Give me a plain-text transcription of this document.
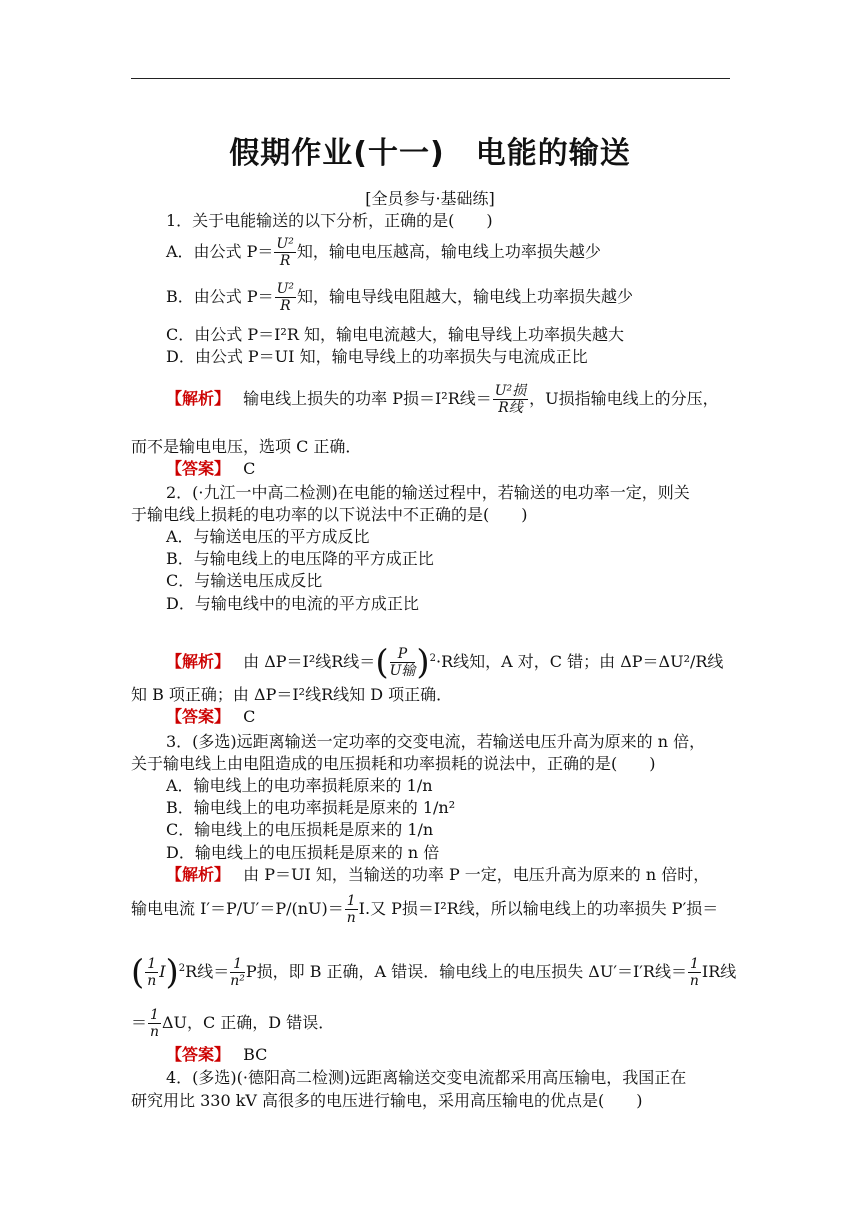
假期作业(十一)　电能的输送
[全员参与·基础练]
1．关于电能输送的以下分析，正确的是(　　)
A．由公式 $P= \frac{\text{U²}}{R}$ 知，输电电压越高，输电线上功率损失越少
B．由公式 $P= \frac{\text{U²}}{R}$ 知，输电导线电阻越大，输电线上功率损失越少
C．由公式 P＝I²R 知，输电电流越大，输电导线上功率损失越大
D．由公式 P＝UI 知，输电导线上的功率损失与电流成正比
【解析】　 输电线上损失的功率 P损＝I²R线＝ $\frac{\text{U²损}}{\text{R线}}$ ，U损指输电线上的分压，
而不是输电电压，选项 C 正确．
【答案】　 C
2．(·九江一中高二检测)在电能的输送过程中，若输送的电功率一定，则关
于输电线上损耗的电功率的以下说法中不正确的是(　　)
A．与输送电压的平方成反比
B．与输电线上的电压降的平方成正比
C．与输送电压成反比
D．与输电线中的电流的平方成正比
【解析】　 由 ΔP＝I²线R线＝( $\frac{P}{\text{U输}} )^2\cdot R$线知，A 对，C 错；由 ΔP＝ΔU²/R线
知 B 项正确；由 ΔP＝I²线R线知 D 项正确．
【答案】　 C
3．(多选)远距离输送一定功率的交变电流，若输送电压升高为原来的 n 倍，
关于输电线上由电阻造成的电压损耗和功率损耗的说法中，正确的是(　　)
A．输电线上的电功率损耗原来的 1/n
B．输电线上的电功率损耗是原来的 1/n²
C．输电线上的电压损耗是原来的 1/n
D．输电线上的电压损耗是原来的 n 倍
【解析】　 由 P＝UI 知，当输送的功率 P 一定，电压升高为原来的 n 倍时，
输电电流 $I'=P/U'=P/(nU)= \frac{1}{n} I$.又 P损＝I²R线，所以输电线上的功率损失 P′损＝
( $\frac{1}{n} I)^2R$线＝ $\frac{1}{\text{n²}}$ P损，即 B 正确，A 错误．输电线上的电压损失 ΔU′＝I′R线＝ $\frac{1}{n}$ IR线
＝ $\frac{1}{n}$ ΔU，C 正确，D 错误．
【答案】　 BC
4．(多选)(·德阳高二检测)远距离输送交变电流都采用高压输电，我国正在
研究用比 330 kV 高很多的电压进行输电，采用高压输电的优点是(　　)
